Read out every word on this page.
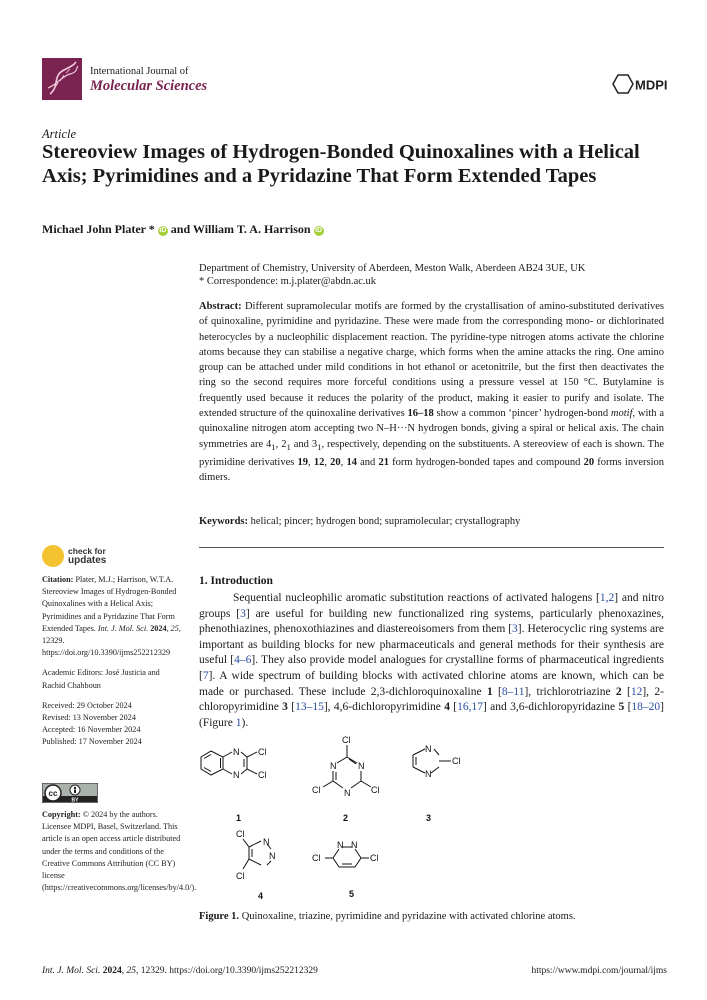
International Journal of
Molecular Sciences	MDPI
Article
Stereoview Images of Hydrogen-Bonded Quinoxalines with a Helical Axis; Pyrimidines and a Pyridazine That Form Extended Tapes
Michael John Plater * iD and William T. A. Harrison iD
Department of Chemistry, University of Aberdeen, Meston Walk, Aberdeen AB24 3UE, UK
* Correspondence: m.j.plater@abdn.ac.uk
Abstract: Different supramolecular motifs are formed by the crystallisation of amino-substituted derivatives of quinoxaline, pyrimidine and pyridazine. These were made from the corresponding mono- or dichlorinated heterocycles by a nucleophilic displacement reaction. The pyridine-type nitrogen atoms activate the chlorine atoms because they can stabilise a negative charge, which forms when the amine attacks the ring. One amino group can be attached under mild conditions in hot ethanol or acetonitrile, but the first then deactivates the ring so the second requires more forceful conditions using a pressure vessel at 150 °C. Butylamine is frequently used because it reduces the polarity of the product, making it easier to purify and isolate. The extended structure of the quinoxaline derivatives 16–18 show a common ‘pincer’ hydrogen-bond motif, with a quinoxaline nitrogen atom accepting two N–H···N hydrogen bonds, giving a spiral or helical axis. The chain symmetries are $4_1$, $2_1$ and $3_1$, respectively, depending on the substituents. A stereoview of each is shown. The pyrimidine derivatives 19, 12, 20, 14 and 21 form hydrogen-bonded tapes and compound 20 forms inversion dimers.
Keywords: helical; pincer; hydrogen bond; supramolecular; crystallography
check for
updates

Citation: Plater, M.J.; Harrison, W.T.A. Stereoview Images of Hydrogen-Bonded Quinoxalines with a Helical Axis; Pyrimidines and a Pyridazine That Form Extended Tapes. Int. J. Mol. Sci. 2024, 25, 12329. https://doi.org/10.3390/ijms252212329

Academic Editors: José Justicia and Rachid Chahboun

Received: 29 October 2024
Revised: 13 November 2024
Accepted: 16 November 2024
Published: 17 November 2024

cc
BY
Copyright: © 2024 by the authors. Licensee MDPI, Basel, Switzerland. This article is an open access article distributed under the terms and conditions of the Creative Commons Attribution (CC BY) license (https://creativecommons.org/licenses/by/4.0/).
1. Introduction
Sequential nucleophilic aromatic substitution reactions of activated halogens [1,2] and nitro groups [3] are useful for building new functionalized ring systems, particularly phenoxazines, phenothiazines, phenoxothiazines and diastereoisomers from them [3]. Heterocyclic ring systems are important as building blocks for new pharmaceuticals and general methods for their synthesis are useful [4–6]. They also provide model analogues for crystalline forms of pharmaceutical ingredients [7]. A wide spectrum of building blocks with activated chlorine atoms are known, which can be made or purchased. These include 2,3-dichloroquinoxaline 1 [8–11], trichlorotriazine 2 [12], 2-chloropyrimidine 3 [13–15], 4,6-dichloropyrimidine 4 [16,17] and 3,6-dichloropyridazine 5 [18–20] (Figure 1).
N
N
Cl
Cl
1
Cl
N N
N
Cl	Cl
2
N
N
Cl
3
Cl
N
N
Cl
4
Cl
N N
Cl
5
Figure 1. Quinoxaline, triazine, pyrimidine and pyridazine with activated chlorine atoms.
Int. J. Mol. Sci. 2024, 25, 12329. https://doi.org/10.3390/ijms252212329	https://www.mdpi.com/journal/ijms
